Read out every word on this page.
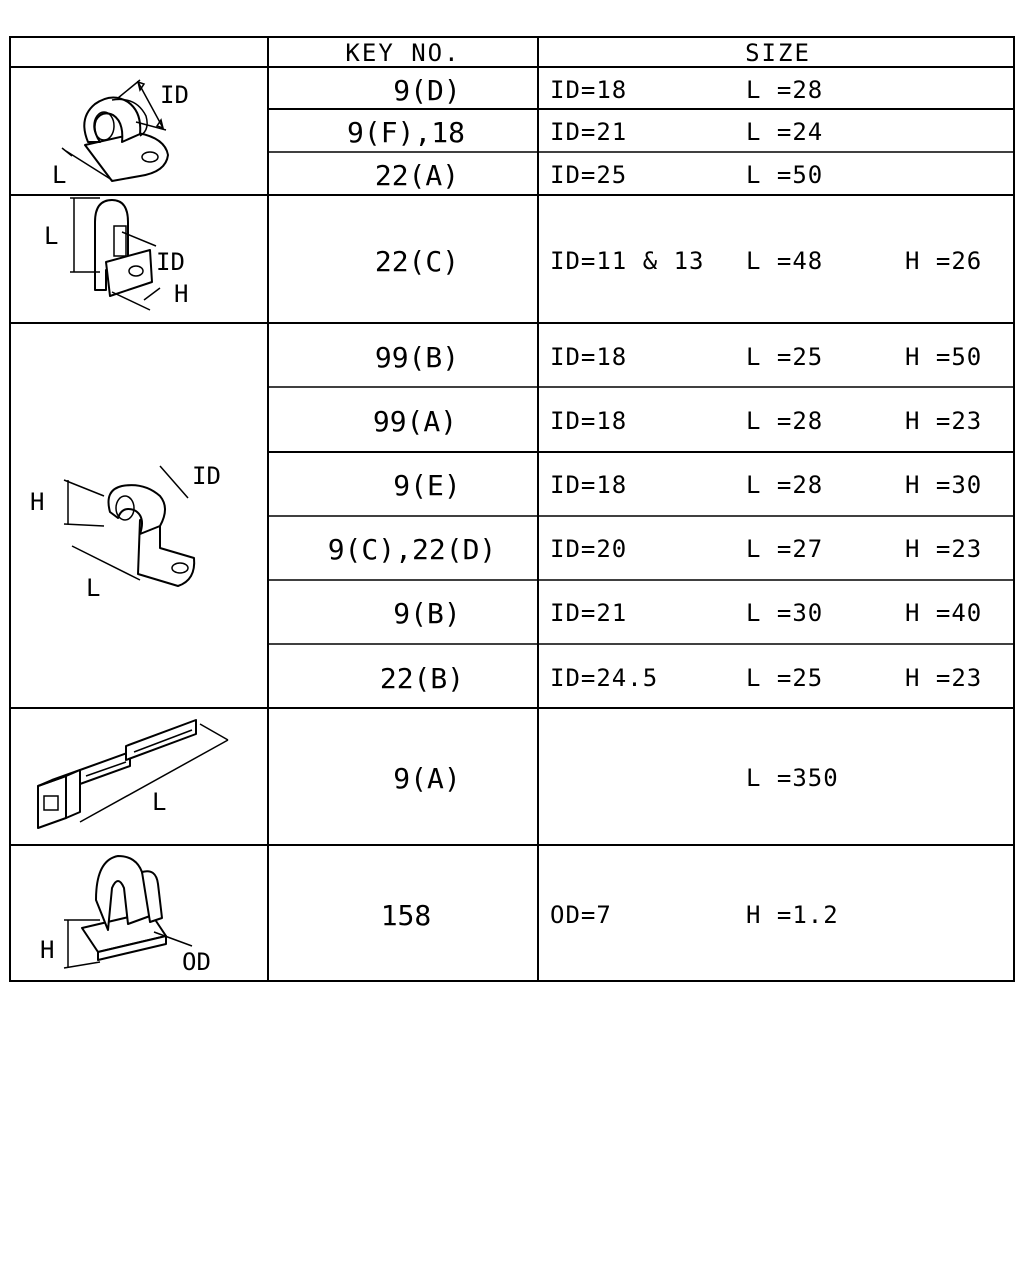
KEY NO.	SIZE
ID
L
L
ID
H
H
ID
L
L
H	OD
9(D)
9(F),18
22(A)
22(C)
99(B)
99(A)
9(E)
9(C),22(D)
9(B)
22(B)
9(A)
158
ID=18
ID=21
ID=25
ID=11 & 13
ID=18
ID=18
ID=18
ID=20
ID=21
ID=24.5
OD=7
L =28
L =24
L =50
L =48
L =25
L =28
L =28
L =27
L =30
L =25
L =350
H =1.2
H =26
H =50
H =23
H =30
H =23
H =40
H =23
